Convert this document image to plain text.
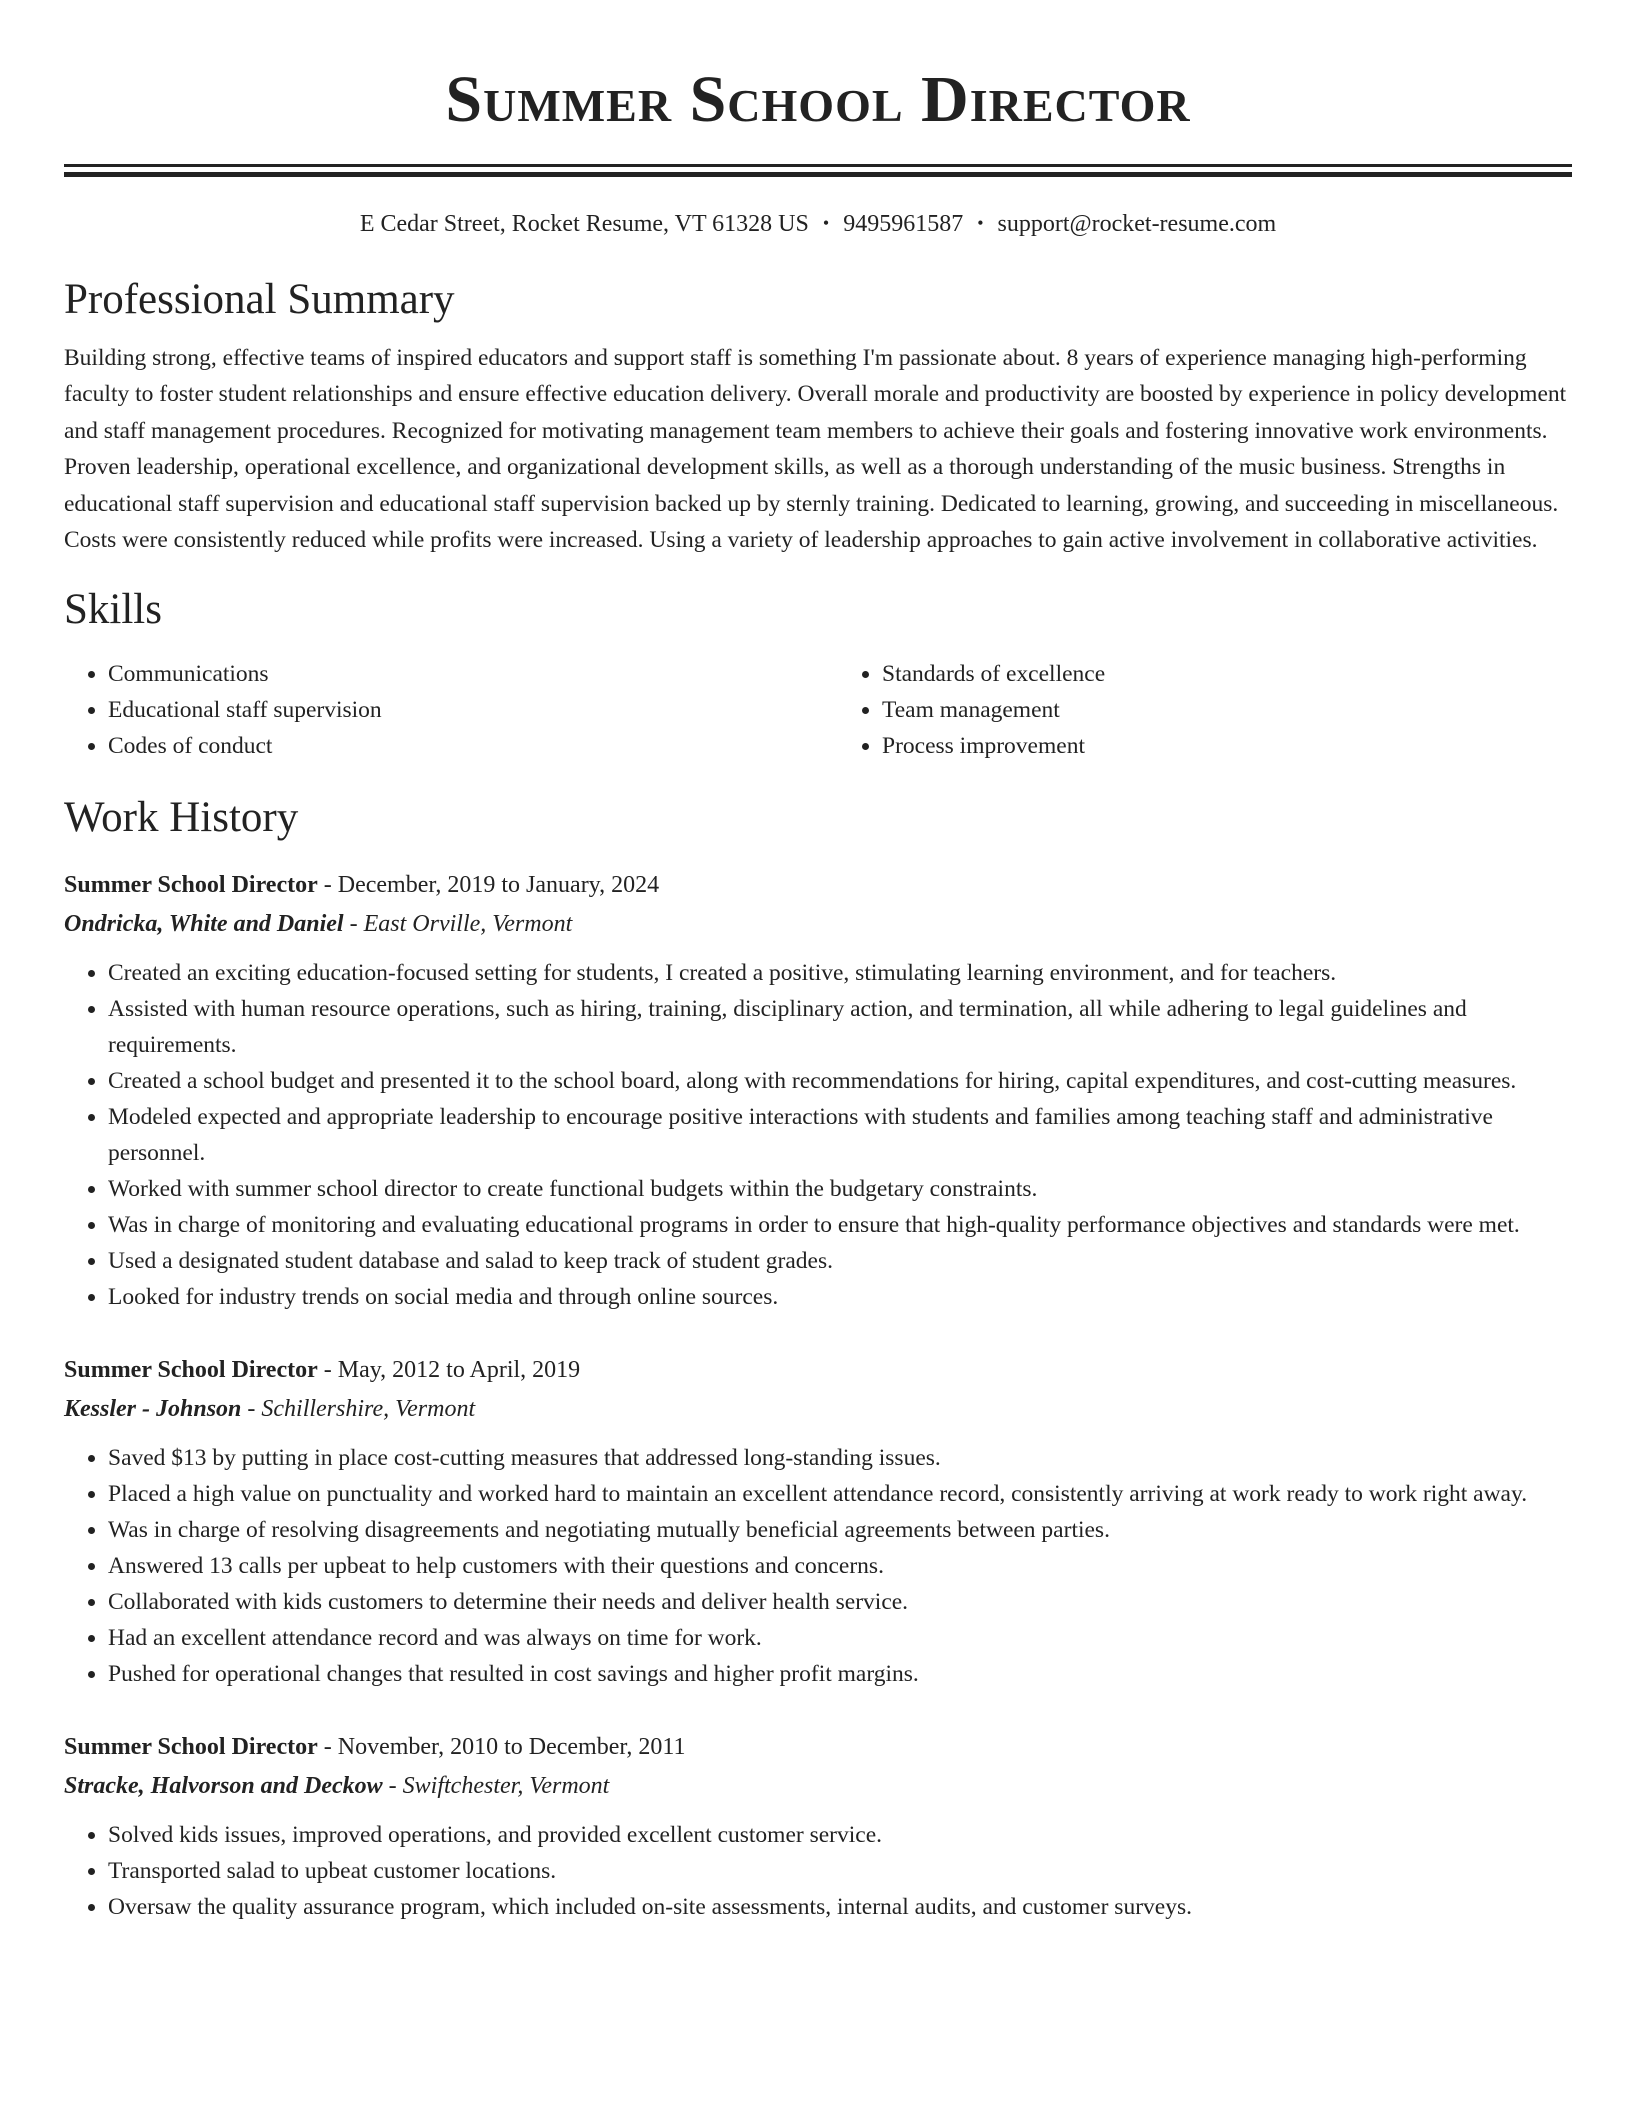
Summer School Director
E Cedar Street, Rocket Resume, VT 61328 US • 9495961587 • support@rocket-resume.com
Professional Summary

Building strong, effective teams of inspired educators and support staff is something I'm passionate about. 8 years of experience managing high-performing faculty to foster student relationships and ensure effective education delivery. Overall morale and productivity are boosted by experience in policy development and staff management procedures. Recognized for motivating management team members to achieve their goals and fostering innovative work environments. Proven leadership, operational excellence, and organizational development skills, as well as a thorough understanding of the music business. Strengths in educational staff supervision and educational staff supervision backed up by sternly training. Dedicated to learning, growing, and succeeding in miscellaneous. Costs were consistently reduced while profits were increased. Using a variety of leadership approaches to gain active involvement in collaborative activities.

Skills
• Communications
• Educational staff supervision
• Codes of conduct
• Standards of excellence
• Team management
• Process improvement
Work History
Summer School Director - December, 2019 to January, 2024
Ondricka, White and Daniel - East Orville, Vermont
• Created an exciting education-focused setting for students, I created a positive, stimulating learning environment, and for teachers.
• Assisted with human resource operations, such as hiring, training, disciplinary action, and termination, all while adhering to legal guidelines and requirements.
• Created a school budget and presented it to the school board, along with recommendations for hiring, capital expenditures, and cost-cutting measures.
• Modeled expected and appropriate leadership to encourage positive interactions with students and families among teaching staff and administrative personnel.
• Worked with summer school director to create functional budgets within the budgetary constraints.
• Was in charge of monitoring and evaluating educational programs in order to ensure that high-quality performance objectives and standards were met.
• Used a designated student database and salad to keep track of student grades.
• Looked for industry trends on social media and through online sources.
Summer School Director - May, 2012 to April, 2019
Kessler - Johnson - Schillershire, Vermont
• Saved $13 by putting in place cost-cutting measures that addressed long-standing issues.
• Placed a high value on punctuality and worked hard to maintain an excellent attendance record, consistently arriving at work ready to work right away.
• Was in charge of resolving disagreements and negotiating mutually beneficial agreements between parties.
• Answered 13 calls per upbeat to help customers with their questions and concerns.
• Collaborated with kids customers to determine their needs and deliver health service.
• Had an excellent attendance record and was always on time for work.
• Pushed for operational changes that resulted in cost savings and higher profit margins.
Summer School Director - November, 2010 to December, 2011
Stracke, Halvorson and Deckow - Swiftchester, Vermont
• Solved kids issues, improved operations, and provided excellent customer service.
• Transported salad to upbeat customer locations.
• Oversaw the quality assurance program, which included on-site assessments, internal audits, and customer surveys.
